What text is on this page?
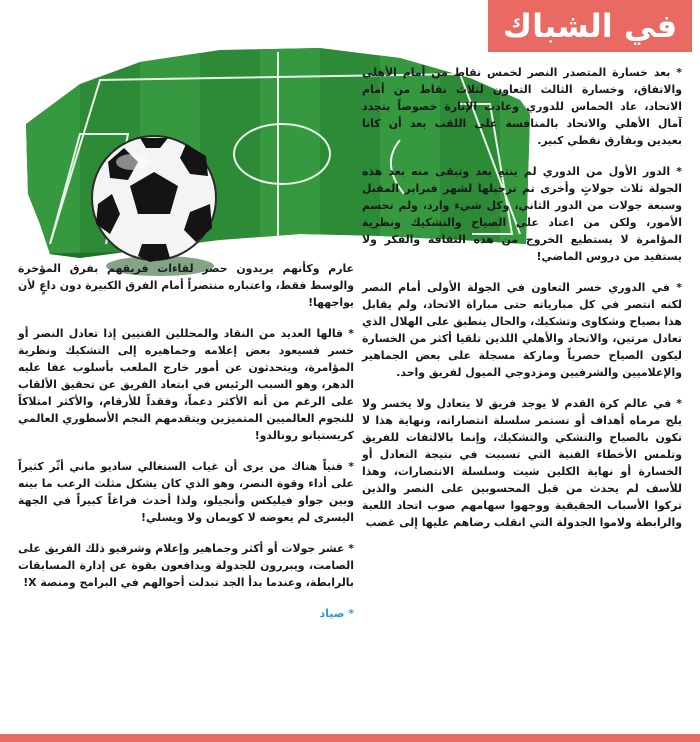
في الشباك

* بعد خسارة المتصدر النصر لخمس نقاط من أمام الأهلي والاتفاق، وخسارة الثالث التعاون لثلاث نقاط من أمام الاتحاد، عاد الحماس للدوري وعادت الإثارة خصوصاً بتجدد آمال الأهلي والاتحاد بالمنافسة على اللقب بعد أن كانا بعيدين وبفارق نقطي كبير.

* الدور الأول من الدوري لم ينتهِ بعد وتبقى منه بعد هذه الجولة ثلاث جولاتٍ وأخرى تم ترحيلها لشهر فبراير المقبل وسبعة جولات من الدور الثاني، وكل شيء وارد، ولم تحسم الأمور، ولكن من اعتاد على الصياح والتشكيك ونظرية المؤامرة لا يستطيع الخروج من هذه الثقافة والفكر ولا يستفيد من دروس الماضي!

* في الدوري خسر التعاون في الجولة الأولى أمام النصر لكنه انتصر في كل مبارياته حتى مباراة الاتحاد، ولم يقابل هذا بصياح وشكاوى وتشكيك، والحال ينطبق على الهلال الذي تعادل مرتين، والاتحاد والأهلي اللذين تلقيا أكثر من الخسارة ليكون الصياح حصرياً وماركة مسجلة على بعض الجماهير والإعلاميين والشرفيين ومزدوجي الميول لفريق واحد.

* في عالم كرة القدم لا يوجد فريق لا يتعادل ولا يخسر ولا يلج مرماه أهداف أو تستمر سلسلة انتصاراته، ونهاية هذا لا تكون بالصياح والتشكي والتشكيك، وإنما بالالتفات للفريق وتلمس الأخطاء الفنية التي تسببت في نتيجة التعادل أو الخسارة أو نهاية الكلين شيت وسلسلة الانتصارات، وهذا للأسف لم يحدث من قبل المحسوبين على النصر والذين تركوا الأسباب الحقيقية ووجهوا سهامهم صوب اتحاد اللعبة والرابطة ولاموا الجدولة التي انقلب رضاهم عليها إلى غضب

عارم وكأنهم يريدون حصر لقاءات فريقهم بفرق المؤخرة والوسط فقط، واعتباره منتصراً أمام الفرق الكبيرة دون داعٍ لأن يواجهها!

* قالها العديد من النقاد والمحللين الفنيين إذا تعادل النصر أو خسر فسيعود بعض إعلامه وجماهيره إلى التشكيك ونظرية المؤامرة، ويتحدثون عن أمور خارج الملعب بأسلوب عفا عليه الدهر، وهو السبب الرئيس في ابتعاد الفريق عن تحقيق الألقاب على الرغم من أنه الأكثر دعماً، وفقداً للأرقام، والأكثر امتلاكاً للنجوم العالميين المتميزين ويتقدمهم النجم الأسطوري العالمي كريستيانو رونالدو!

* فنياً هناك من يرى أن غياب السنغالي ساديو ماني أثّر كثيراً على أداء وقوة النصر، وهو الذي كان يشكل مثلث الرعب ما بينه وبين جواو فيليكس وأنجيلو، ولذا أحدث فراغاً كبيراً في الجهة اليسرى لم يعوضه لا كويمان ولا ويسلي!

* عشر جولات أو أكثر وجماهير وإعلام وشرفيو ذلك الفريق على الصامت، ويبررون للجدولة ويدافعون بقوة عن إدارة المسابقات بالرابطة، وعندما بدأ الجد تبدلت أحوالهم في البرامج ومنصة X!

* صياد
